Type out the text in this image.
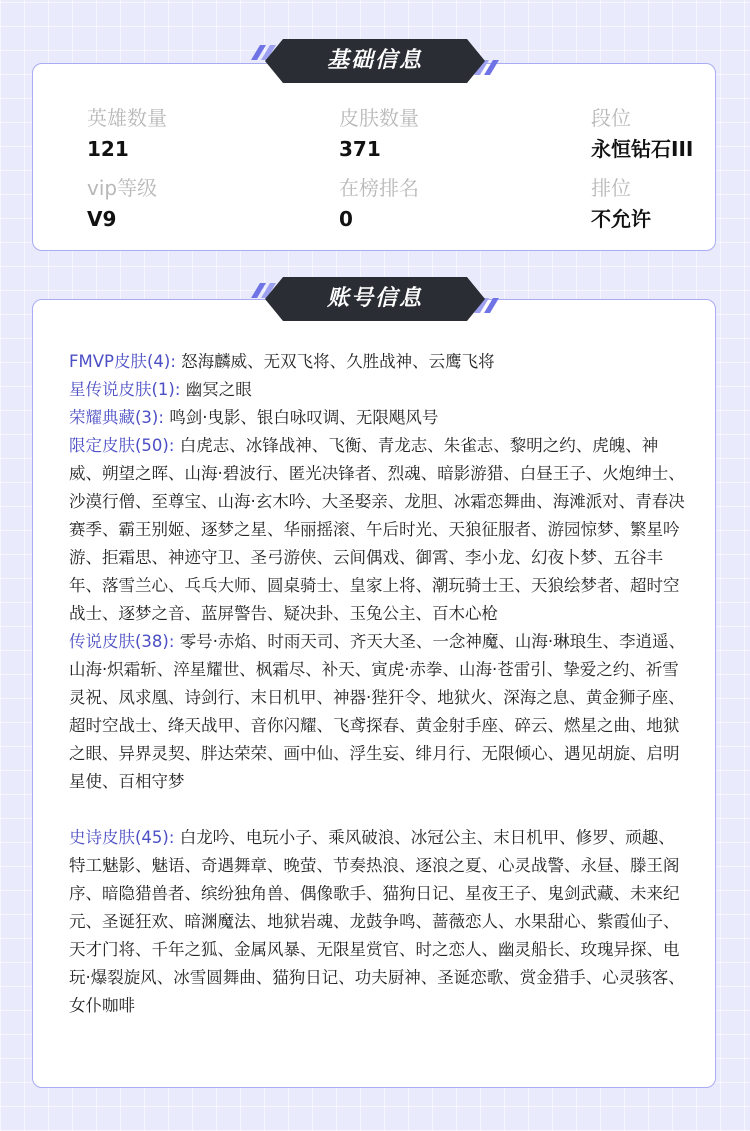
英雄数量
121
皮肤数量
371
段位
永恒钻石III
vip等级
V9
在榜排名
0
排位
不允许
基础信息

FMVP皮肤(4): 怒海麟威、无双飞将、久胜战神、云鹰飞将

星传说皮肤(1): 幽冥之眼

荣耀典藏(3): 鸣剑·曳影、银白咏叹调、无限飓风号

限定皮肤(50): 白虎志、冰锋战神、飞衡、青龙志、朱雀志、黎明之约、虎魄、神威、朔望之晖、山海·碧波行、匿光决锋者、烈魂、暗影游猎、白昼王子、火炮绅士、沙漠行僧、至尊宝、山海·玄木吟、大圣娶亲、龙胆、冰霜恋舞曲、海滩派对、青春决赛季、霸王别姬、逐梦之星、华丽摇滚、午后时光、天狼征服者、游园惊梦、繁星吟游、拒霜思、神迹守卫、圣弓游侠、云间偶戏、御霄、李小龙、幻夜卜梦、五谷丰年、落雪兰心、乓乓大师、圆桌骑士、皇家上将、潮玩骑士王、天狼绘梦者、超时空战士、逐梦之音、蓝屏警告、疑决卦、玉兔公主、百木心枪

传说皮肤(38): 零号·赤焰、时雨天司、齐天大圣、一念神魔、山海·琳琅生、李逍遥、山海·炽霜斩、淬星耀世、枫霜尽、补天、寅虎·赤拳、山海·苍雷引、挚爱之约、祈雪灵祝、凤求凰、诗剑行、末日机甲、神器·狴犴令、地狱火、深海之息、黄金狮子座、超时空战士、绛天战甲、音你闪耀、飞鸢探春、黄金射手座、碎云、燃星之曲、地狱之眼、异界灵契、胖达荣荣、画中仙、浮生妄、绯月行、无限倾心、遇见胡旋、启明星使、百相守梦

史诗皮肤(45): 白龙吟、电玩小子、乘风破浪、冰冠公主、末日机甲、修罗、顽趣、特工魅影、魅语、奇遇舞章、晚萤、节奏热浪、逐浪之夏、心灵战警、永昼、滕王阁序、暗隐猎兽者、缤纷独角兽、偶像歌手、猫狗日记、星夜王子、鬼剑武藏、未来纪元、圣诞狂欢、暗渊魔法、地狱岩魂、龙鼓争鸣、蔷薇恋人、水果甜心、紫霞仙子、天才门将、千年之狐、金属风暴、无限星赏官、时之恋人、幽灵船长、玫瑰异探、电玩·爆裂旋风、冰雪圆舞曲、猫狗日记、功夫厨神、圣诞恋歌、赏金猎手、心灵骇客、女仆咖啡

账号信息
